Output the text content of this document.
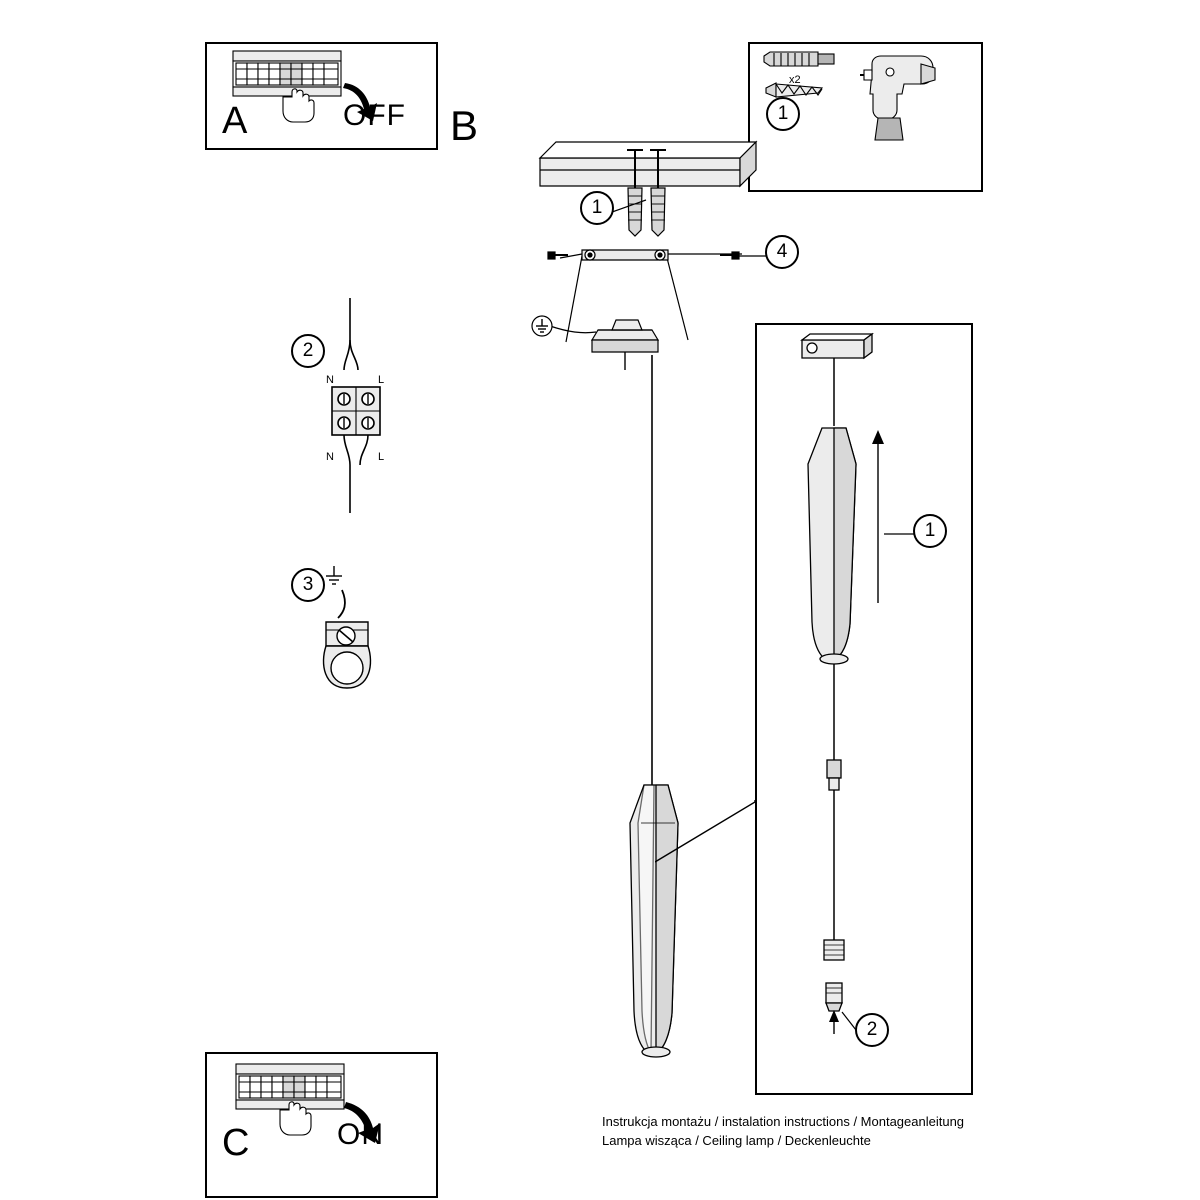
A	OFF B	1
x2
1
4
2
N	L
N	L
3
1
2
Instrukcja montażu / instalation instructions / Montageanleitung
Lampa wisząca / Ceiling lamp / Deckenleuchte
C	ON
